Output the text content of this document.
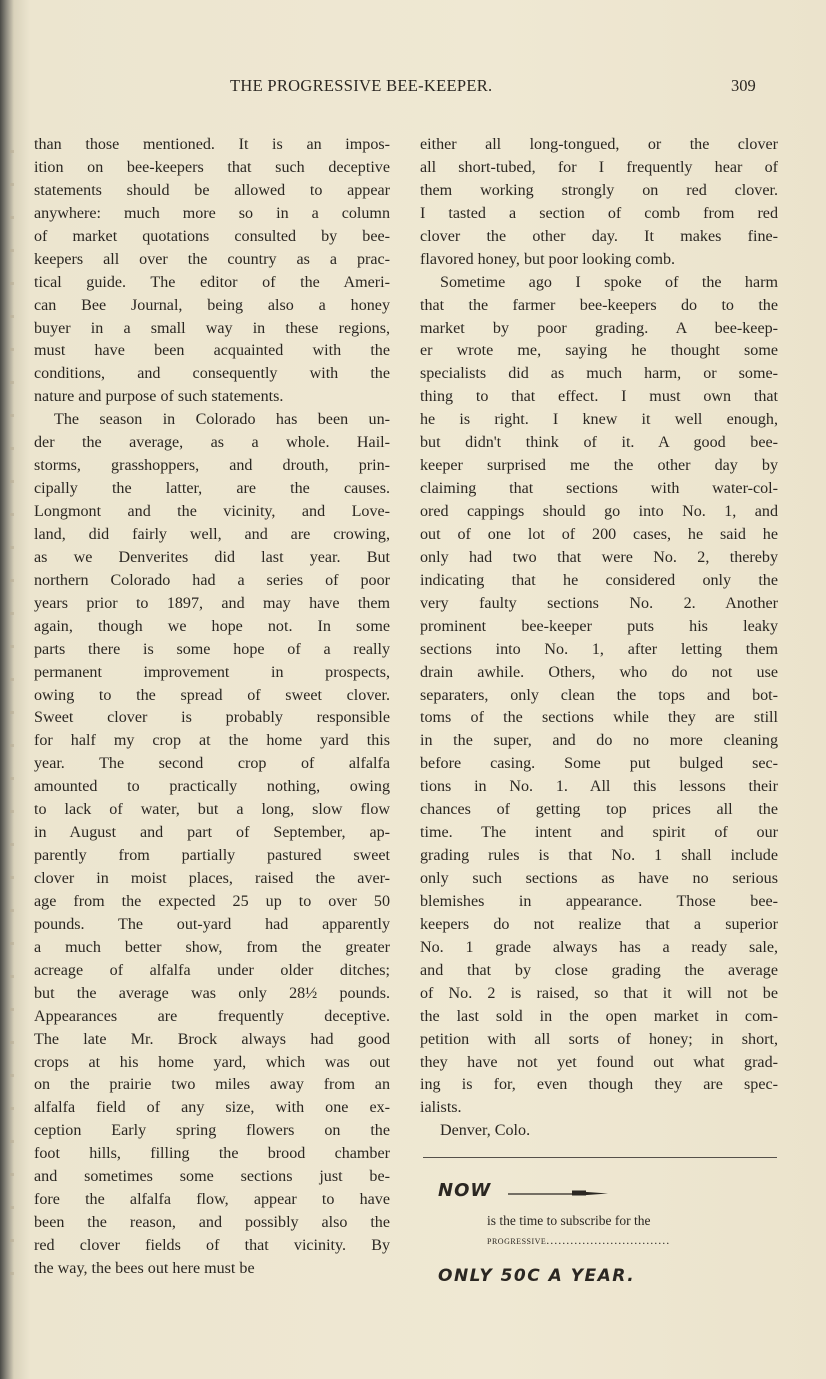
THE PROGRESSIVE BEE-KEEPER.	309
than those mentioned. It is an impos-
ition on bee-keepers that such deceptive
statements should be allowed to appear
anywhere: much more so in a column
of market quotations consulted by bee-
keepers all over the country as a prac-
tical guide. The editor of the Ameri-
can Bee Journal, being also a honey
buyer in a small way in these regions,
must have been acquainted with the
conditions, and consequently with the
nature and purpose of such statements.
The season in Colorado has been un-
der the average, as a whole. Hail-
storms, grasshoppers, and drouth, prin-
cipally the latter, are the causes.
Longmont and the vicinity, and Love-
land, did fairly well, and are crowing,
as we Denverites did last year. But
northern Colorado had a series of poor
years prior to 1897, and may have them
again, though we hope not. In some
parts there is some hope of a really
permanent improvement in prospects,
owing to the spread of sweet clover.
Sweet clover is probably responsible
for half my crop at the home yard this
year. The second crop of alfalfa
amounted to practically nothing, owing
to lack of water, but a long, slow flow
in August and part of September, ap-
parently from partially pastured sweet
clover in moist places, raised the aver-
age from the expected 25 up to over 50
pounds. The out-yard had apparently
a much better show, from the greater
acreage of alfalfa under older ditches;
but the average was only 28½ pounds.
Appearances are frequently deceptive.
The late Mr. Brock always had good
crops at his home yard, which was out
on the prairie two miles away from an
alfalfa field of any size, with one ex-
ception Early spring flowers on the
foot hills, filling the brood chamber
and sometimes some sections just be-
fore the alfalfa flow, appear to have
been the reason, and possibly also the
red clover fields of that vicinity. By
the way, the bees out here must be
either all long-tongued, or the clover
all short-tubed, for I frequently hear of
them working strongly on red clover.
I tasted a section of comb from red
clover the other day. It makes fine-
flavored honey, but poor looking comb.
Sometime ago I spoke of the harm
that the farmer bee-keepers do to the
market by poor grading. A bee-keep-
er wrote me, saying he thought some
specialists did as much harm, or some-
thing to that effect. I must own that
he is right. I knew it well enough,
but didn't think of it. A good bee-
keeper surprised me the other day by
claiming that sections with water-col-
ored cappings should go into No. 1, and
out of one lot of 200 cases, he said he
only had two that were No. 2, thereby
indicating that he considered only the
very faulty sections No. 2. Another
prominent bee-keeper puts his leaky
sections into No. 1, after letting them
drain awhile. Others, who do not use
separaters, only clean the tops and bot-
toms of the sections while they are still
in the super, and do no more cleaning
before casing. Some put bulged sec-
tions in No. 1. All this lessons their
chances of getting top prices all the
time. The intent and spirit of our
grading rules is that No. 1 shall include
only such sections as have no serious
blemishes in appearance. Those bee-
keepers do not realize that a superior
No. 1 grade always has a ready sale,
and that by close grading the average
of No. 2 is raised, so that it will not be
the last sold in the open market in com-
petition with all sorts of honey; in short,
they have not yet found out what grad-
ing is for, even though they are spec-
ialists.
Denver, Colo.
NOW
is the time to subscribe for the
progressive...............................
ONLY 50C A YEAR.
